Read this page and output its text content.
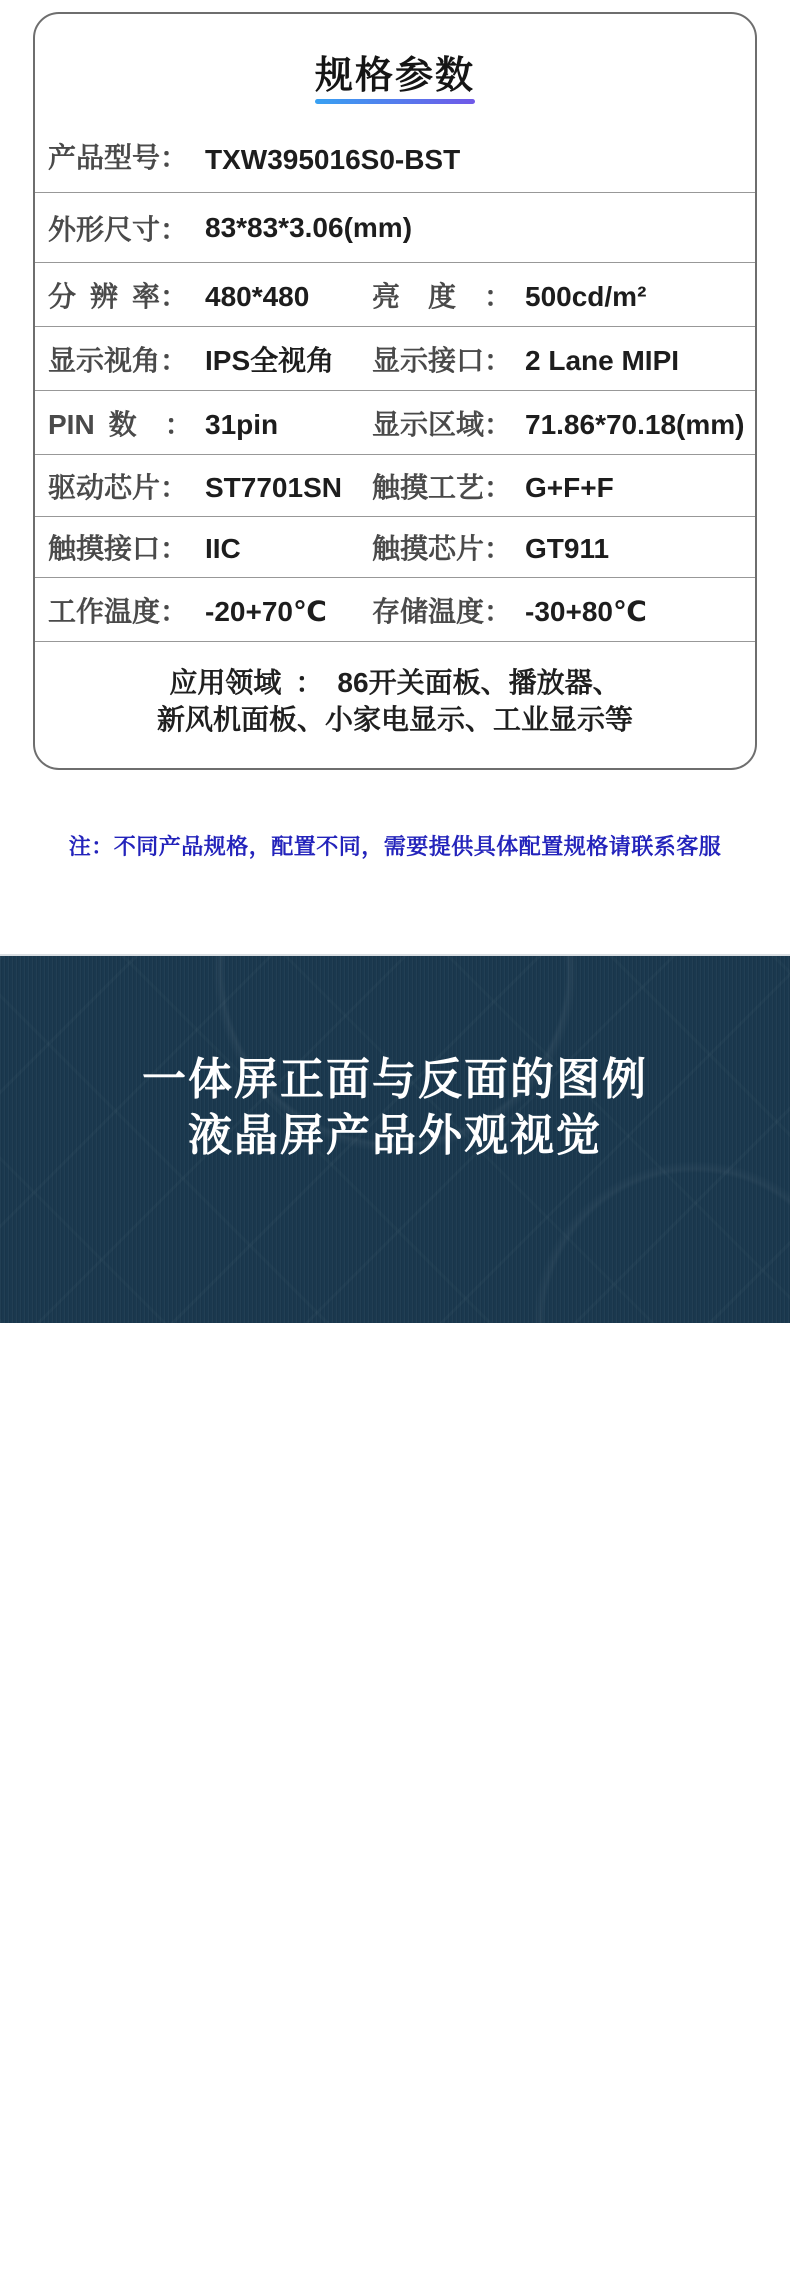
规格参数
产品型号： TXW395016S0-BST
外形尺寸： 83*83*3.06(mm)
分 辨 率： 480*480 亮 度 ： 500cd/m²
显示视角： IPS全视角 显示接口： 2 Lane MIPI
PIN 数 ： 31pin	显示区域： 71.86*70.18(mm)
驱动芯片： ST7701SN 触摸工艺： G+F+F
触摸接口： IIC	触摸芯片： GT911
工作温度： -20+70℃ 存储温度： -30+80℃
应用领域 ： 86开关面板、播放器、
新风机面板、小家电显示、工业显示等
注：不同产品规格，配置不同，需要提供具体配置规格请联系客服
一体屏正面与反面的图例
液晶屏产品外观视觉
